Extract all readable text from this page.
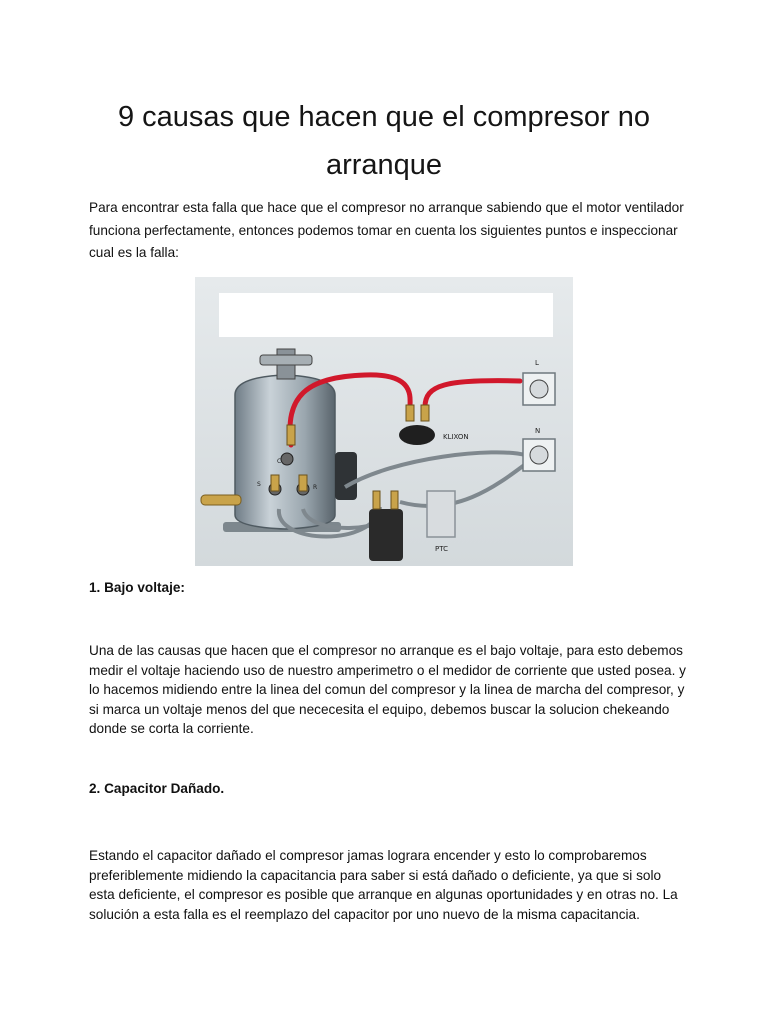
9 causas que hacen que el compresor no arranque

Para encontrar esta falla que hace que el compresor no arranque sabiendo que el motor ventilador funciona perfectamente, entonces podemos tomar en cuenta los siguientes puntos e inspeccionar cual es la falla:

C
S	R
KLIXON
PTC
L
N

1. Bajo voltaje:

Una de las causas que hacen que el compresor no arranque es el bajo voltaje, para esto debemos medir el voltaje haciendo uso de nuestro amperimetro o el medidor de corriente que usted posea. y lo hacemos midiendo entre la linea del comun del compresor y la linea de marcha del compresor, y si marca un voltaje menos del que nececesita el equipo, debemos buscar la solucion chekeando donde se corta la corriente.

2. Capacitor Dañado.

Estando el capacitor dañado el compresor jamas lograra encender y esto lo comprobaremos preferiblemente midiendo la capacitancia para saber si está dañado o deficiente, ya que si solo esta deficiente, el compresor es posible que arranque en algunas oportunidades y en otras no. La solución a esta falla es el reemplazo del capacitor por uno nuevo de la misma capacitancia.
